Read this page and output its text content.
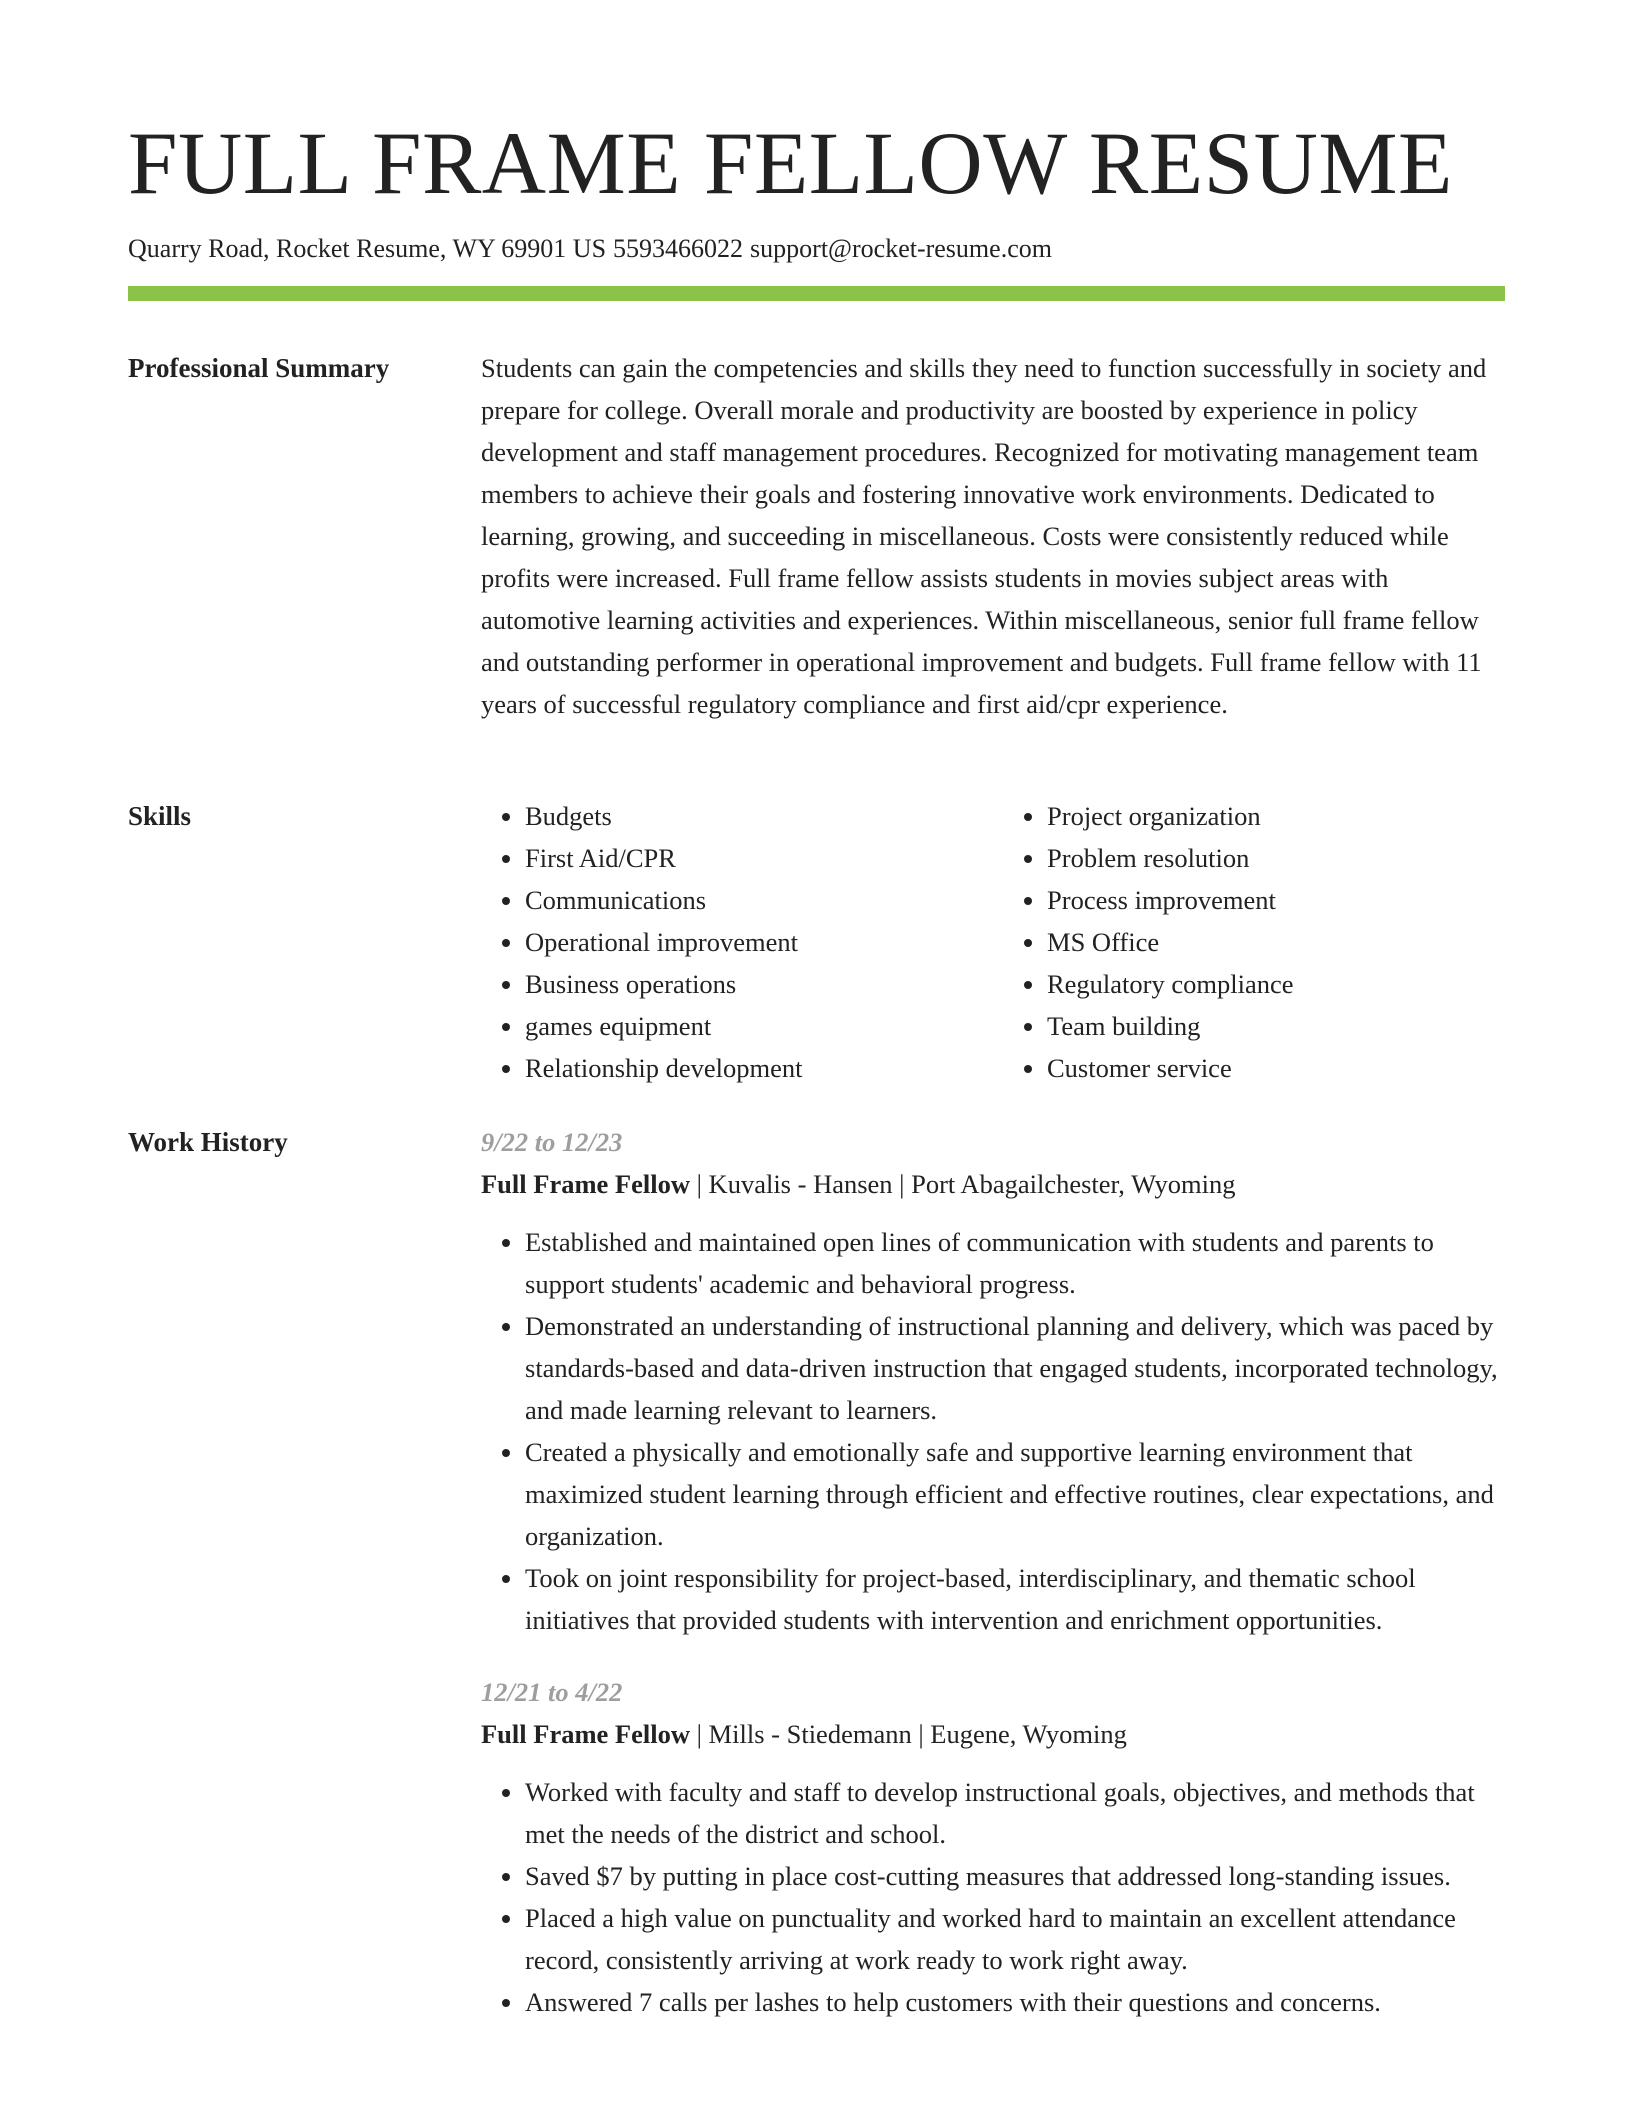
FULL FRAME FELLOW RESUME
Quarry Road, Rocket Resume, WY 69901 US 5593466022 support@rocket-resume.com
Professional Summary	Students can gain the competencies and skills they need to function successfully in society and prepare for college. Overall morale and productivity are boosted by experience in policy development and staff management procedures. Recognized for motivating management team members to achieve their goals and fostering innovative work environments. Dedicated to learning, growing, and succeeding in miscellaneous. Costs were consistently reduced while profits were increased. Full frame fellow assists students in movies subject areas with automotive learning activities and experiences. Within miscellaneous, senior full frame fellow and outstanding performer in operational improvement and budgets. Full frame fellow with 11 years of successful regulatory compliance and first aid/cpr experience.

Skills
•	Budgets
• First Aid/CPR
• Communications
• Operational improvement
• Business operations
• games equipment
• Relationship development
• Project organization
• Problem resolution
• Process improvement
• MS Office
• Regulatory compliance
• Team building
• Customer service
Work History	9/22 to 12/23
Full Frame Fellow | Kuvalis - Hansen | Port Abagailchester, Wyoming
• Established and maintained open lines of communication with students and parents to support students' academic and behavioral progress.
• Demonstrated an understanding of instructional planning and delivery, which was paced by standards-based and data-driven instruction that engaged students, incorporated technology, and made learning relevant to learners.
• Created a physically and emotionally safe and supportive learning environment that maximized student learning through efficient and effective routines, clear expectations, and organization.
• Took on joint responsibility for project-based, interdisciplinary, and thematic school initiatives that provided students with intervention and enrichment opportunities.
12/21 to 4/22
Full Frame Fellow | Mills - Stiedemann | Eugene, Wyoming
• Worked with faculty and staff to develop instructional goals, objectives, and methods that met the needs of the district and school.
• Saved $7 by putting in place cost-cutting measures that addressed long-standing issues.
• Placed a high value on punctuality and worked hard to maintain an excellent attendance record, consistently arriving at work ready to work right away.
• Answered 7 calls per lashes to help customers with their questions and concerns.
